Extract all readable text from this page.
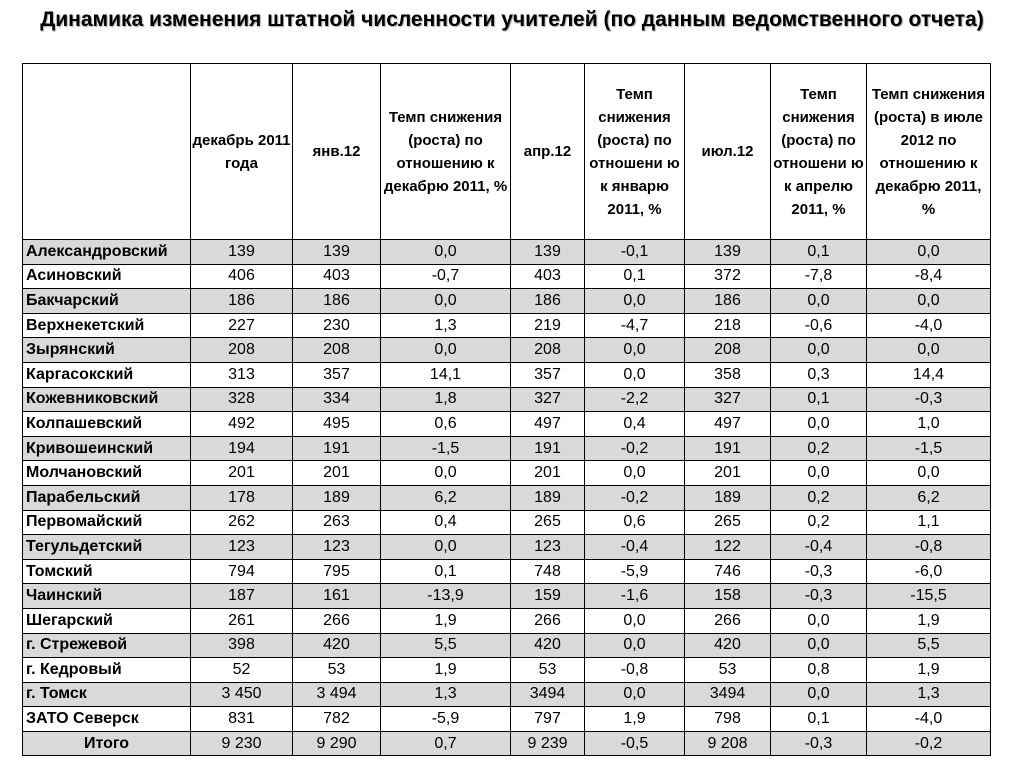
Динамика изменения штатной численности учителей (по данным ведомственного отчета)
	декабрь 2011 года	янв.12	Темп снижения (роста) по отношению к декабрю 2011, %	апр.12	Темп снижения (роста) по отношени ю к январю 2011, %	июл.12	Темп снижения (роста) по отношени ю к апрелю 2011, %	Темп снижения (роста) в июле 2012 по отношению к декабрю 2011, %
Александровский	139	139	0,0	139	-0,1	139	0,1	0,0
Асиновский	406	403	-0,7	403	0,1	372	-7,8	-8,4
Бакчарский	186	186	0,0	186	0,0	186	0,0	0,0
Верхнекетский	227	230	1,3	219	-4,7	218	-0,6	-4,0
Зырянский	208	208	0,0	208	0,0	208	0,0	0,0
Каргасокский	313	357	14,1	357	0,0	358	0,3	14,4
Кожевниковский	328	334	1,8	327	-2,2	327	0,1	-0,3
Колпашевский	492	495	0,6	497	0,4	497	0,0	1,0
Кривошеинский	194	191	-1,5	191	-0,2	191	0,2	-1,5
Молчановский	201	201	0,0	201	0,0	201	0,0	0,0
Парабельский	178	189	6,2	189	-0,2	189	0,2	6,2
Первомайский	262	263	0,4	265	0,6	265	0,2	1,1
Тегульдетский	123	123	0,0	123	-0,4	122	-0,4	-0,8
Томский	794	795	0,1	748	-5,9	746	-0,3	-6,0
Чаинский	187	161	-13,9	159	-1,6	158	-0,3	-15,5
Шегарский	261	266	1,9	266	0,0	266	0,0	1,9
г. Стрежевой	398	420	5,5	420	0,0	420	0,0	5,5
г. Кедровый	52	53	1,9	53	-0,8	53	0,8	1,9
г. Томск	3 450	3 494	1,3	3494	0,0	3494	0,0	1,3
ЗАТО Северск	831	782	-5,9	797	1,9	798	0,1	-4,0
Итого	9 230	9 290	0,7	9 239	-0,5	9 208	-0,3	-0,2
